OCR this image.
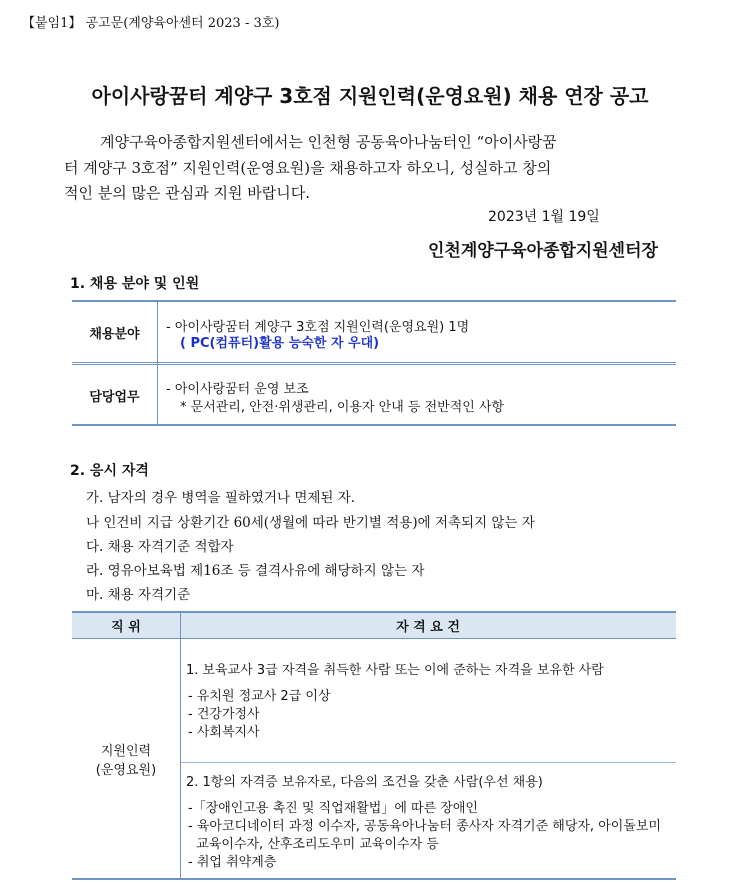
【붙임1】 공고문(계양육아센터 2023 - 3호)
아이사랑꿈터 계양구 3호점 지원인력(운영요원) 채용 연장 공고
계양구육아종합지원센터에서는 인천형 공동육아나눔터인 “아이사랑꿈
터 계양구 3호점” 지원인력(운영요원)을 채용하고자 하오니, 성실하고 창의
적인 분의 많은 관심과 지원 바랍니다.
2023년 1월 19일
인천계양구육아종합지원센터장
1. 채용 분야 및 인원
채용분야	- 아이사랑꿈터 계양구 3호점 지원인력(운영요원) 1명
( PC(컴퓨터)활용 능숙한 자 우대)
담당업무
- 아이사랑꿈터 운영 보조
* 문서관리, 안전·위생관리, 이용자 안내 등 전반적인 사항
2. 응시 자격
가. 남자의 경우 병역을 필하였거나 면제된 자.
나 인건비 지급 상환기간 60세(생월에 따라 반기별 적용)에 저촉되지 않는 자
다. 채용 자격기준 적합자
라. 영유아보육법 제16조 등 결격사유에 해당하지 않는 자
마. 채용 자격기준
직 위	자 격 요 건
지원인력
(운영요원)
1. 보육교사 3급 자격을 취득한 사람 또는 이에 준하는 자격을 보유한 사람
- 유치원 정교사 2급 이상
- 건강가정사
- 사회복지사
2. 1항의 자격증 보유자로, 다음의 조건을 갖춘 사람(우선 채용)
-「장애인고용 촉진 및 직업재활법」에 따른 장애인
- 육아코디네이터 과정 이수자, 공동육아나눔터 종사자 자격기준 해당자, 아이돌보미
교육이수자, 산후조리도우미 교육이수자 등
- 취업 취약계층
